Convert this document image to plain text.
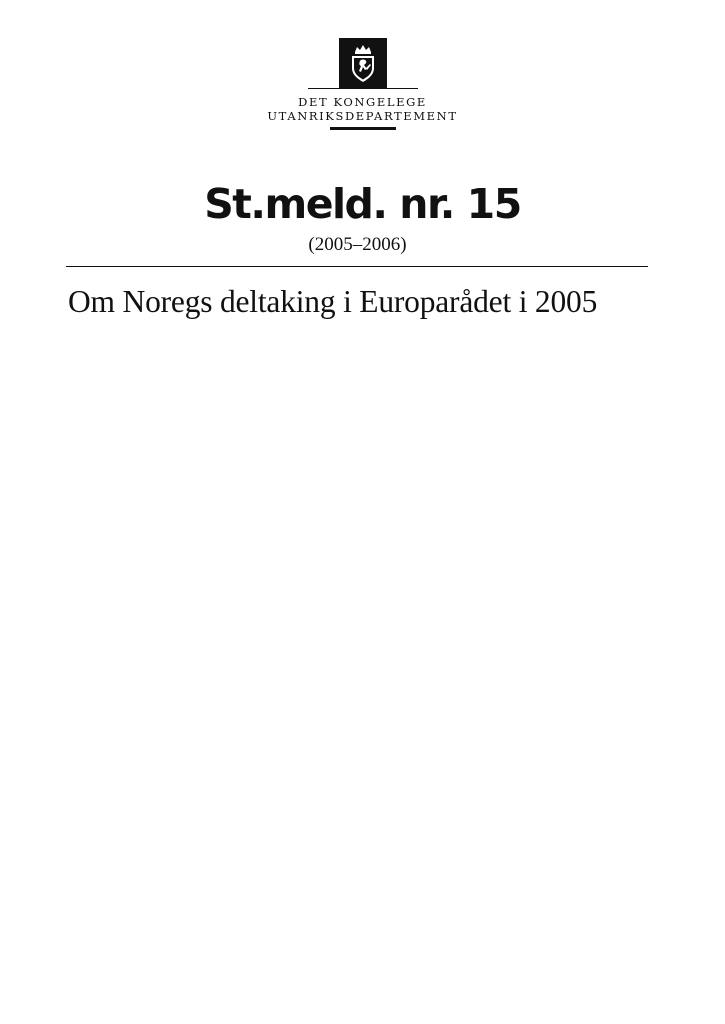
DET KONGELEGE
UTANRIKSDEPARTEMENT
St.meld. nr. 15
(2005–2006)
Om Noregs deltaking i Europarådet i 2005
